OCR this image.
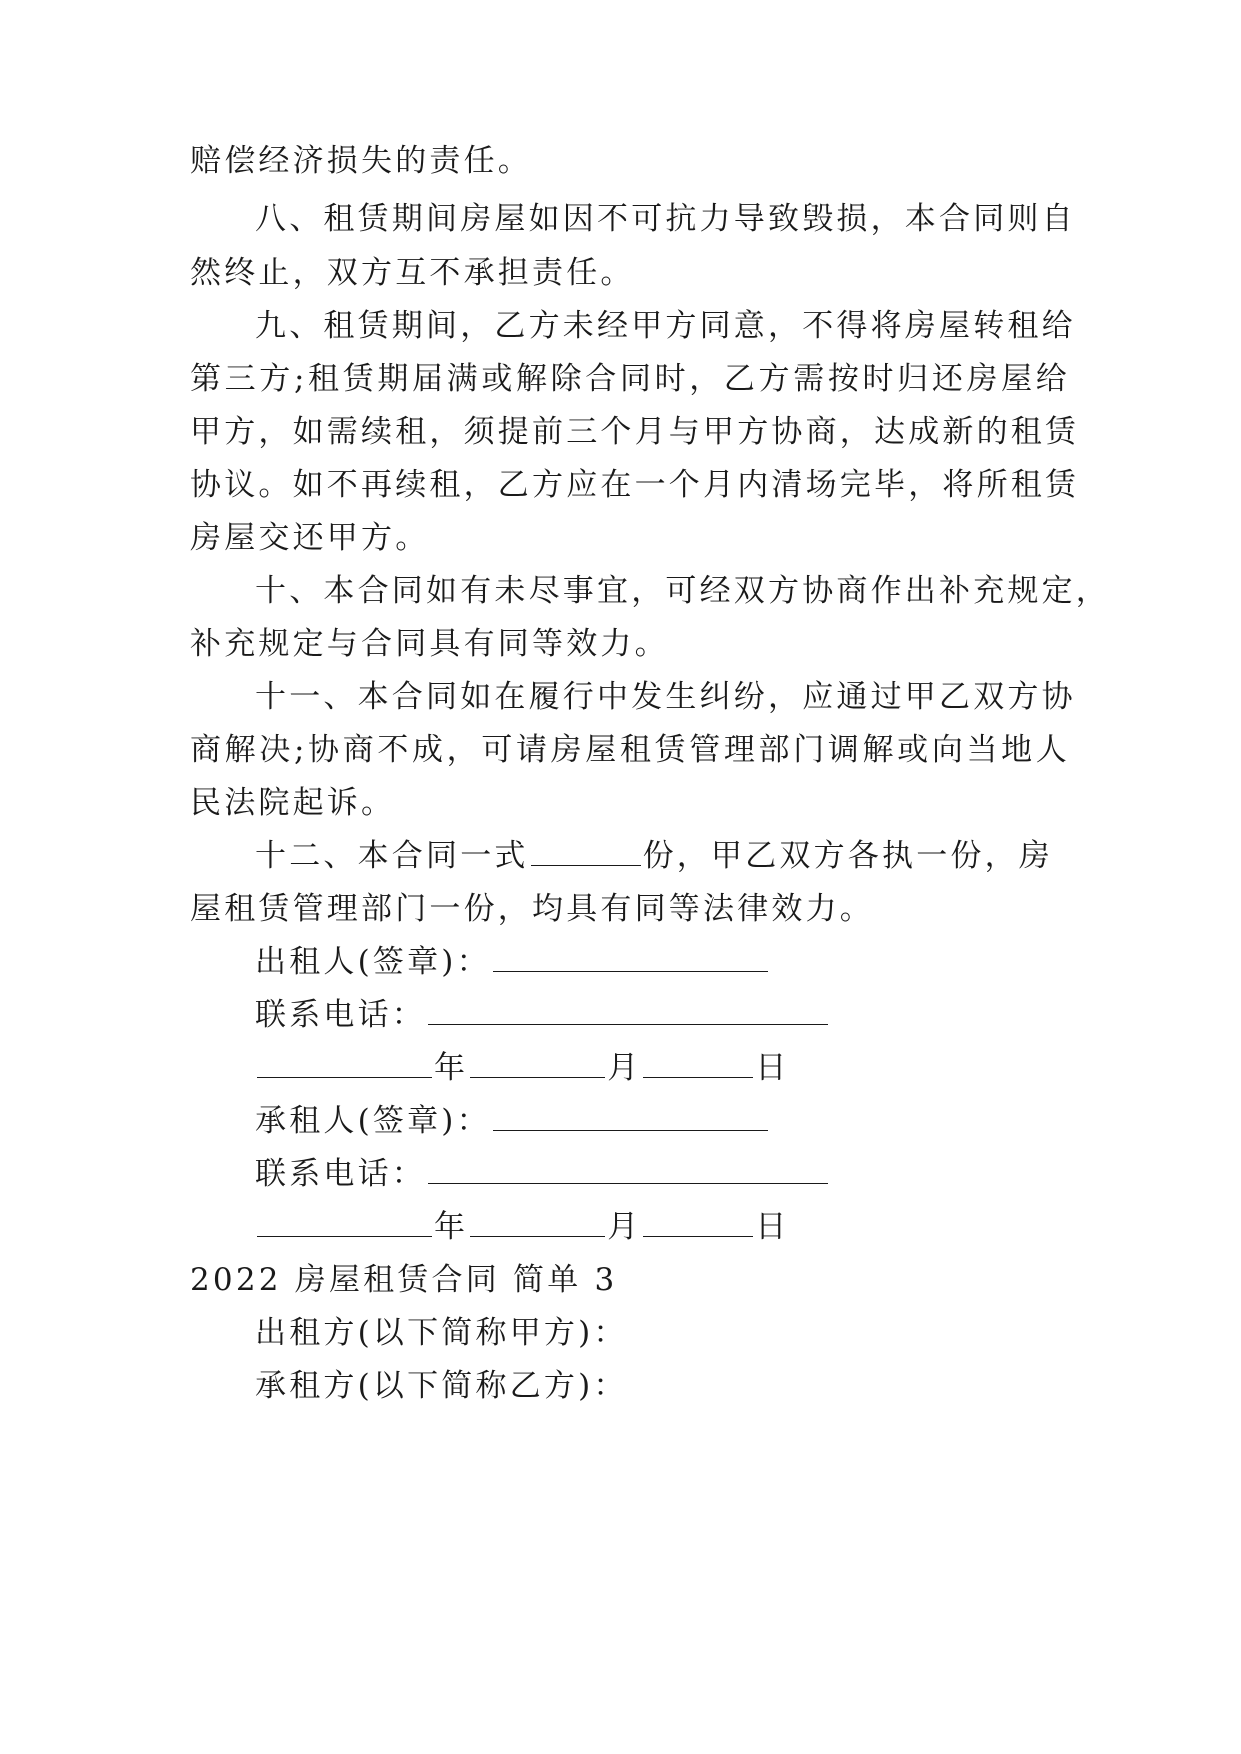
赔偿经济损失的责任。
八、租赁期间房屋如因不可抗力导致毁损，本合同则自
然终止，双方互不承担责任。
九、租赁期间，乙方未经甲方同意，不得将房屋转租给
第三方;租赁期届满或解除合同时，乙方需按时归还房屋给
甲方，如需续租，须提前三个月与甲方协商，达成新的租赁
协议。如不再续租，乙方应在一个月内清场完毕，将所租赁
房屋交还甲方。
十、本合同如有未尽事宜，可经双方协商作出补充规定，
补充规定与合同具有同等效力。
十一、本合同如在履行中发生纠纷，应通过甲乙双方协
商解决;协商不成，可请房屋租赁管理部门调解或向当地人
民法院起诉。
十二、本合同一式	份，甲乙双方各执一份，房
屋租赁管理部门一份，均具有同等法律效力。
出租人(签章)：
联系电话：
年	月	日
承租人(签章)：
联系电话：
年	月	日
2022 房屋租赁合同 简单 3
出租方(以下简称甲方)：
承租方(以下简称乙方)：
